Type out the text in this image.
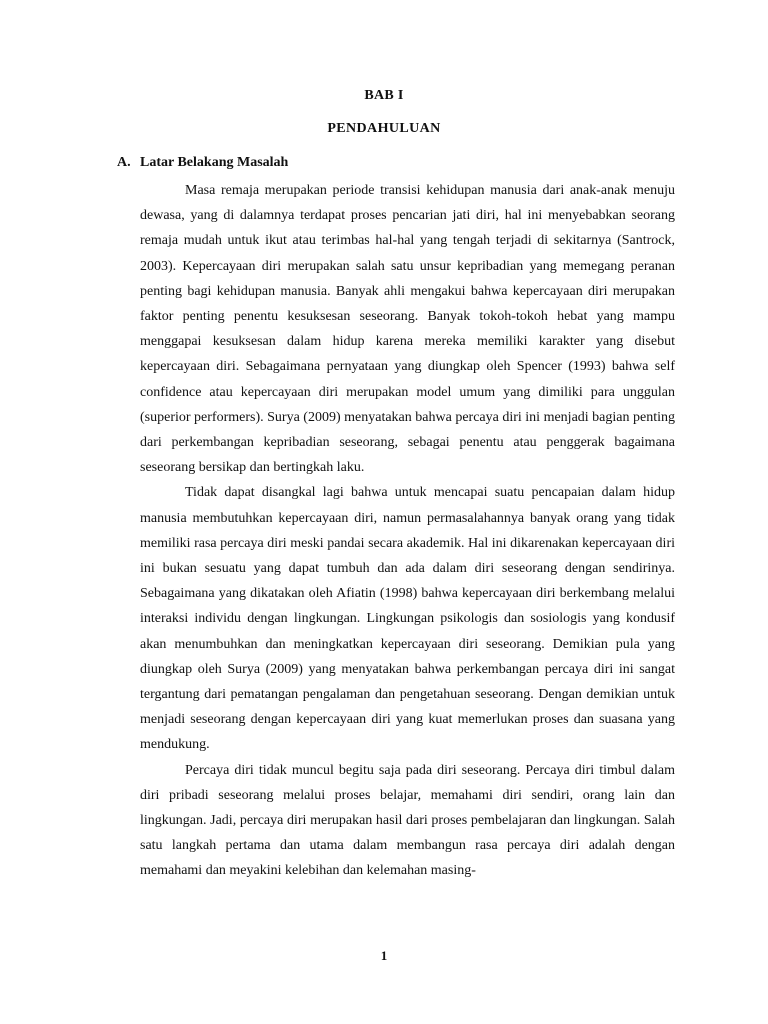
BAB I
PENDAHULUAN
A. Latar Belakang Masalah

Masa remaja merupakan periode transisi kehidupan manusia dari anak-anak menuju dewasa, yang di dalamnya terdapat proses pencarian jati diri, hal ini menyebabkan seorang remaja mudah untuk ikut atau terimbas hal-hal yang tengah terjadi di sekitarnya (Santrock, 2003). Kepercayaan diri merupakan salah satu unsur kepribadian yang memegang peranan penting bagi kehidupan manusia. Banyak ahli mengakui bahwa kepercayaan diri merupakan faktor penting penentu kesuksesan seseorang. Banyak tokoh-tokoh hebat yang mampu menggapai kesuksesan dalam hidup karena mereka memiliki karakter yang disebut kepercayaan diri. Sebagaimana pernyataan yang diungkap oleh Spencer (1993) bahwa self confidence atau kepercayaan diri merupakan model umum yang dimiliki para unggulan (superior performers). Surya (2009) menyatakan bahwa percaya diri ini menjadi bagian penting dari perkembangan kepribadian seseorang, sebagai penentu atau penggerak bagaimana seseorang bersikap dan bertingkah laku.

Tidak dapat disangkal lagi bahwa untuk mencapai suatu pencapaian dalam hidup manusia membutuhkan kepercayaan diri, namun permasalahannya banyak orang yang tidak memiliki rasa percaya diri meski pandai secara akademik. Hal ini dikarenakan kepercayaan diri ini bukan sesuatu yang dapat tumbuh dan ada dalam diri seseorang dengan sendirinya. Sebagaimana yang dikatakan oleh Afiatin (1998) bahwa kepercayaan diri berkembang melalui interaksi individu dengan lingkungan. Lingkungan psikologis dan sosiologis yang kondusif akan menumbuhkan dan meningkatkan kepercayaan diri seseorang. Demikian pula yang diungkap oleh Surya (2009) yang menyatakan bahwa perkembangan percaya diri ini sangat tergantung dari pematangan pengalaman dan pengetahuan seseorang. Dengan demikian untuk menjadi seseorang dengan kepercayaan diri yang kuat memerlukan proses dan suasana yang mendukung.

Percaya diri tidak muncul begitu saja pada diri seseorang. Percaya diri timbul dalam diri pribadi seseorang melalui proses belajar, memahami diri sendiri, orang lain dan lingkungan. Jadi, percaya diri merupakan hasil dari proses pembelajaran dan lingkungan. Salah satu langkah pertama dan utama dalam membangun rasa percaya diri adalah dengan memahami dan meyakini kelebihan dan kelemahan masing-

1
